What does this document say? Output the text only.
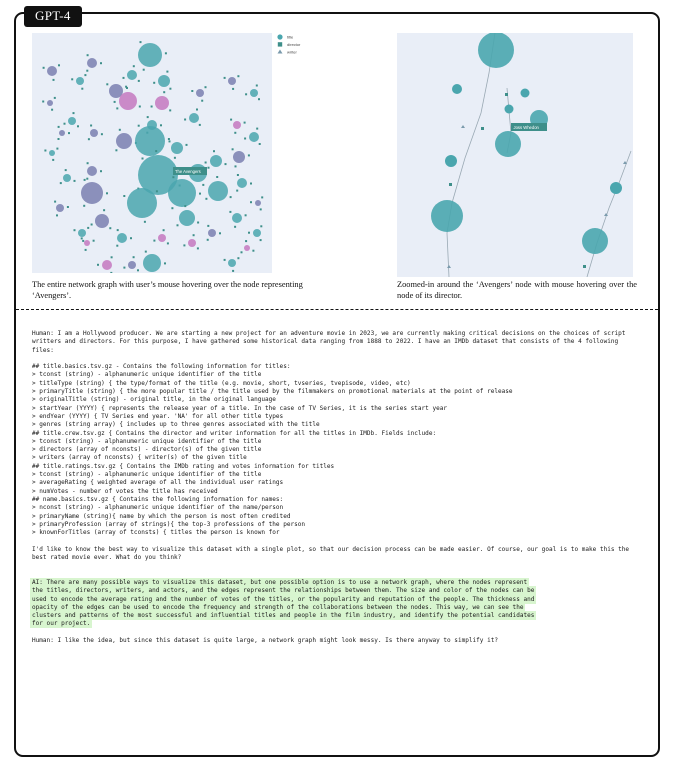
GPT-4
The Avengers
title
director
writer
Joss Whedon
The entire network graph with user’s mouse hovering over the node representing ‘Avengers’.
Zoomed-in around the ‘Avengers’ node with mouse hovering over the node of its director.

Human: I am a Hollywood producer. We are starting a new project for an adventure movie in 2023, we are currently making critical decisions on the choices of script writters and directors. For this purpose, I have gathered some historical data ranging from 1888 to 2022. I have an IMDb dataset that consists of the 4 following files:

## title.basics.tsv.gz - Contains the following information for titles:
> tconst (string) - alphanumeric unique identifier of the title
> titleType (string) { the type/format of the title (e.g. movie, short, tvseries, tvepisode, video, etc)
> primaryTitle (string) { the more popular title / the title used by the filmmakers on promotional materials at the point of release
> originalTitle (string) - original title, in the original language
> startYear (YYYY) { represents the release year of a title. In the case of TV Series, it is the series start year
> endYear (YYYY) { TV Series end year. 'NA' for all other title types
> genres (string array) { includes up to three genres associated with the title
## title.crew.tsv.gz { Contains the director and writer information for all the titles in IMDb. Fields include:
> tconst (string) - alphanumeric unique identifier of the title
> directors (array of nconsts) - director(s) of the given title
> writers (array of nconsts) { writer(s) of the given title
## title.ratings.tsv.gz { Contains the IMDb rating and votes information for titles
> tconst (string) - alphanumeric unique identifier of the title
> averageRating { weighted average of all the individual user ratings
> numVotes - number of votes the title has received
## name.basics.tsv.gz { Contains the following information for names:
> nconst (string) - alphanumeric unique identifier of the name/person
> primaryName (string){ name by which the person is most often credited
> primaryProfession (array of strings){ the top-3 professions of the person
> knownForTitles (array of tconsts) { titles the person is known for

I'd like to know the best way to visualize this dataset with a single plot, so that our decision process can be made easier. Of course, our goal is to make this the best rated movie ever. What do you think?

AI: There are many possible ways to visualize this dataset, but one possible option is to use a network graph, where the nodes represent
the titles, directors, writers, and actors, and the edges represent the relationships between them. The size and color of the nodes can be
used to encode the average rating and the number of votes of the titles, or the popularity and reputation of the people. The thickness and
opacity of the edges can be used to encode the frequency and strength of the collaborations between the nodes. This way, we can see the
clusters and patterns of the most successful and influential titles and people in the film industry, and identify the potential candidates
for our project.

Human: I like the idea, but since this dataset is quite large, a network graph might look messy. Is there anyway to simplify it?
